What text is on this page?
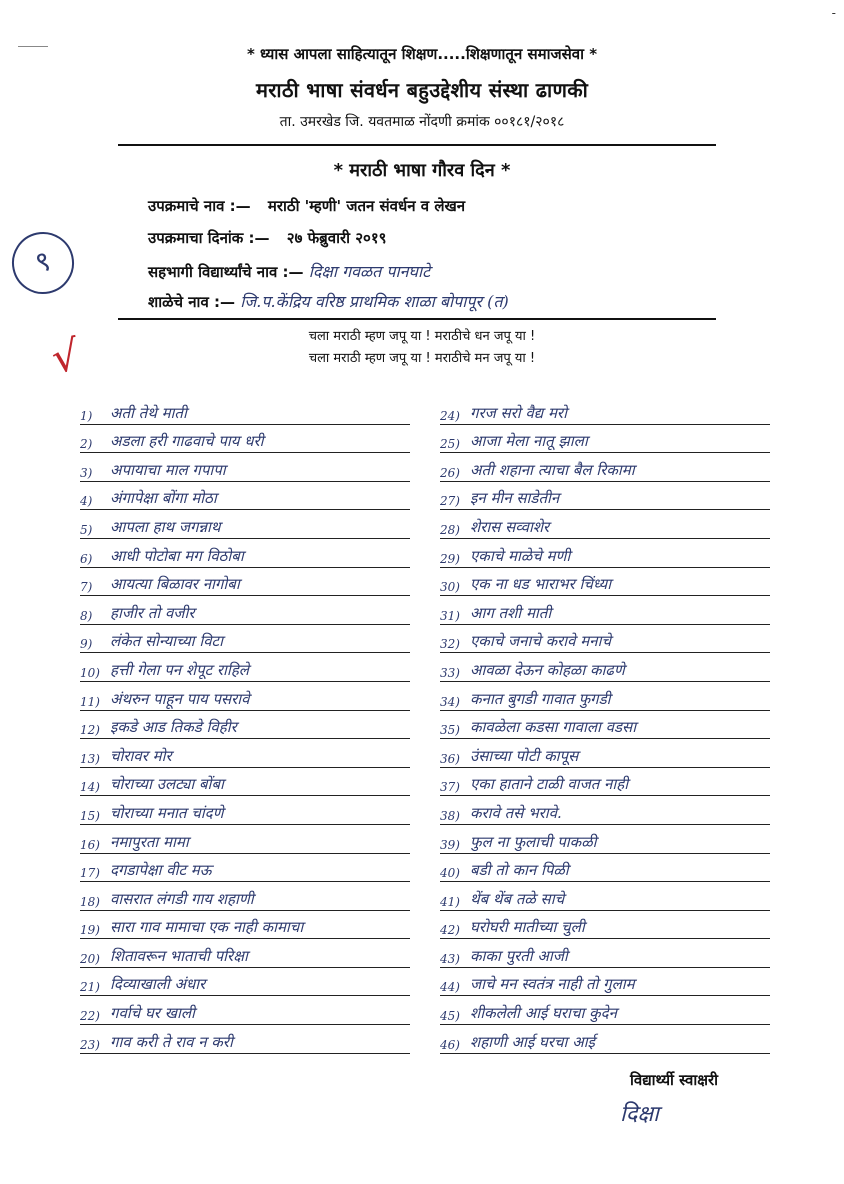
-
* ध्यास आपला साहित्यातून शिक्षण.....शिक्षणातून समाजसेवा *
मराठी भाषा संवर्धन बहुउद्देशीय संस्था ढाणकी
ता. उमरखेड जि. यवतमाळ नोंदणी क्रमांक ००१८१/२०१८
* मराठी भाषा गौरव दिन *
९
उपक्रमाचे नाव :— मराठी 'म्हणी' जतन संवर्धन व लेखन
उपक्रमाचा दिनांक :— २७ फेब्रुवारी २०१९
सहभागी विद्यार्थ्यांचे नाव :— दिक्षा गवळत पानघाटे
शाळेचे नाव :— जि.प.केंद्रिय वरिष्ठ प्राथमिक शाळा बोपापूर (त)
चला मराठी म्हण जपू या ! मराठीचे धन जपू या !
चला मराठी म्हण जपू या ! मराठीचे मन जपू या !
√
1)	अती तेथे माती
2)	अडला हरी गाढवाचे पाय धरी
3)	अपायाचा माल गपापा
4)	अंगापेक्षा बोंगा मोठा
5)	आपला हाथ जगन्नाथ
6)	आधी पोटोबा मग विठोबा
7)	आयत्या बिळावर नागोबा
8)	हाजीर तो वजीर
9)	लंकेत सोन्याच्या विटा
10) हत्ती गेला पन शेपूट राहिले
11) अंथरुन पाहून पाय पसरावे
12) इकडे आड तिकडे विहीर
13) चोरावर मोर
14) चोराच्या उलट्या बोंबा
15) चोराच्या मनात चांदणे
16) नमापुरता मामा
17) दगडापेक्षा वीट मऊ
18) वासरात लंगडी गाय शहाणी
19) सारा गाव मामाचा एक नाही कामाचा
20) शितावरून भाताची परिक्षा
21) दिव्याखाली अंधार
22) गर्वाचे घर खाली
23) गाव करी ते राव न करी
24) गरज सरो वैद्य मरो
25) आजा मेला नातू झाला
26) अती शहाना त्याचा बैल रिकामा
27) इन मीन साडेतीन
28) शेरास सव्वाशेर
29) एकाचे माळेचे मणी
30) एक ना धड भाराभर चिंध्या
31) आग तशी माती
32) एकाचे जनाचे करावे मनाचे
33) आवळा देऊन कोहळा काढणे
34) कनात बुगडी गावात फुगडी
35) कावळेला कडसा गावाला वडसा
36) उंसाच्या पोटी कापूस
37) एका हाताने टाळी वाजत नाही
38) करावे तसे भरावे.
39) फुल ना फुलाची पाकळी
40) बडी तो कान पिळी
41) थेंब थेंब तळे साचे
42) घरोघरी मातीच्या चुली
43) काका पुरती आजी
44) जाचे मन स्वतंत्र नाही तो गुलाम
45) शीकलेली आई घराचा कुदेन
46) शहाणी आई घरचा आई
विद्यार्थ्यी स्वाक्षरी
दिक्षा
